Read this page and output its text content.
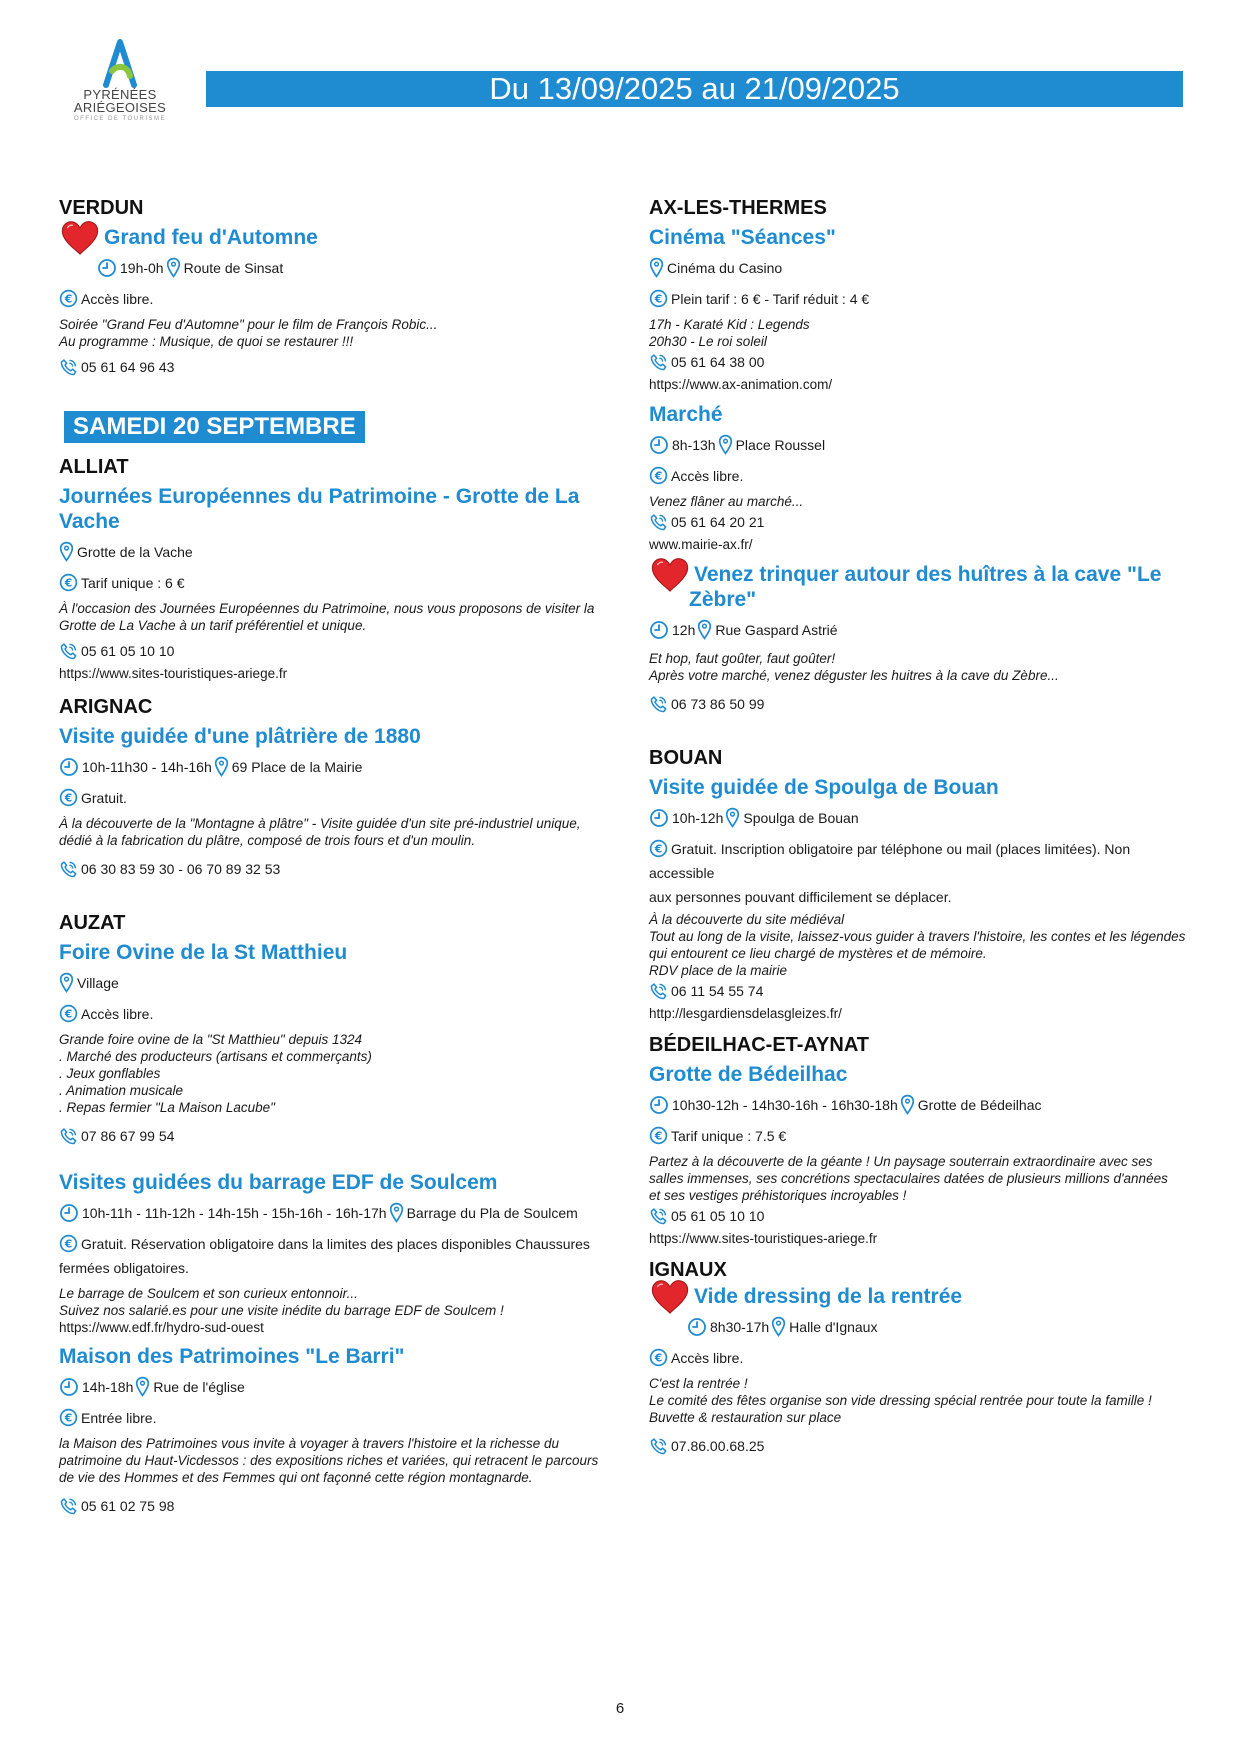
PYRÉNÉES
ARIÉGEOISES
OFFICE DE TOURISME
Du 13/09/2025 au 21/09/2025
VERDUN
Grand feu d'Automne
19h-0h Route de Sinsat
Accès libre.
Soirée "Grand Feu d'Automne" pour le film de François Robic...
Au programme : Musique, de quoi se restaurer !!!
05 61 64 96 43
SAMEDI 20 SEPTEMBRE
ALLIAT
Journées Européennes du Patrimoine - Grotte de La Vache
Grotte de la Vache
Tarif unique : 6 €
À l'occasion des Journées Européennes du Patrimoine, nous vous proposons de visiter la
Grotte de La Vache à un tarif préférentiel et unique.
05 61 05 10 10
https://www.sites-touristiques-ariege.fr
ARIGNAC
Visite guidée d'une plâtrière de 1880
10h-11h30 - 14h-16h 69 Place de la Mairie
Gratuit.
À la découverte de la "Montagne à plâtre" - Visite guidée d'un site pré-industriel unique,
dédié à la fabrication du plâtre, composé de trois fours et d'un moulin.
06 30 83 59 30 - 06 70 89 32 53
AUZAT
Foire Ovine de la St Matthieu
Village
Accès libre.
Grande foire ovine de la "St Matthieu" depuis 1324
. Marché des producteurs (artisans et commerçants)
. Jeux gonflables
. Animation musicale
. Repas fermier "La Maison Lacube"
07 86 67 99 54
Visites guidées du barrage EDF de Soulcem
10h-11h - 11h-12h - 14h-15h - 15h-16h - 16h-17h Barrage du Pla de Soulcem
Gratuit. Réservation obligatoire dans la limites des places disponibles Chaussures
fermées obligatoires.
Le barrage de Soulcem et son curieux entonnoir...
Suivez nos salarié.es pour une visite inédite du barrage EDF de Soulcem !
https://www.edf.fr/hydro-sud-ouest
Maison des Patrimoines "Le Barri"
14h-18h Rue de l'église
Entrée libre.
la Maison des Patrimoines vous invite à voyager à travers l'histoire et la richesse du
patrimoine du Haut-Vicdessos : des expositions riches et variées, qui retracent le parcours
de vie des Hommes et des Femmes qui ont façonné cette région montagnarde.
05 61 02 75 98
AX-LES-THERMES
Cinéma "Séances"
Cinéma du Casino
Plein tarif : 6 € - Tarif réduit : 4 €
17h - Karaté Kid : Legends
20h30 - Le roi soleil
05 61 64 38 00
https://www.ax-animation.com/
Marché
8h-13h Place Roussel
Accès libre.
Venez flâner au marché...
05 61 64 20 21
www.mairie-ax.fr/
Venez trinquer autour des huîtres à la cave "Le
Zèbre"
12h Rue Gaspard Astrié
Et hop, faut goûter, faut goûter!
Après votre marché, venez déguster les huitres à la cave du Zèbre...
06 73 86 50 99
BOUAN
Visite guidée de Spoulga de Bouan
10h-12h Spoulga de Bouan
Gratuit. Inscription obligatoire par téléphone ou mail (places limitées). Non accessible
aux personnes pouvant difficilement se déplacer.
À la découverte du site médiéval
Tout au long de la visite, laissez-vous guider à travers l'histoire, les contes et les légendes
qui entourent ce lieu chargé de mystères et de mémoire.
RDV place de la mairie
06 11 54 55 74
http://lesgardiensdelasgleizes.fr/
BÉDEILHAC-ET-AYNAT
Grotte de Bédeilhac
10h30-12h - 14h30-16h - 16h30-18h Grotte de Bédeilhac
Tarif unique : 7.5 €
Partez à la découverte de la géante ! Un paysage souterrain extraordinaire avec ses
salles immenses, ses concrétions spectaculaires datées de plusieurs millions d'années
et ses vestiges préhistoriques incroyables !
05 61 05 10 10
https://www.sites-touristiques-ariege.fr
IGNAUX
Vide dressing de la rentrée
8h30-17h Halle d'Ignaux
Accès libre.
C'est la rentrée !
Le comité des fêtes organise son vide dressing spécial rentrée pour toute la famille !
Buvette & restauration sur place
07.86.00.68.25
6
